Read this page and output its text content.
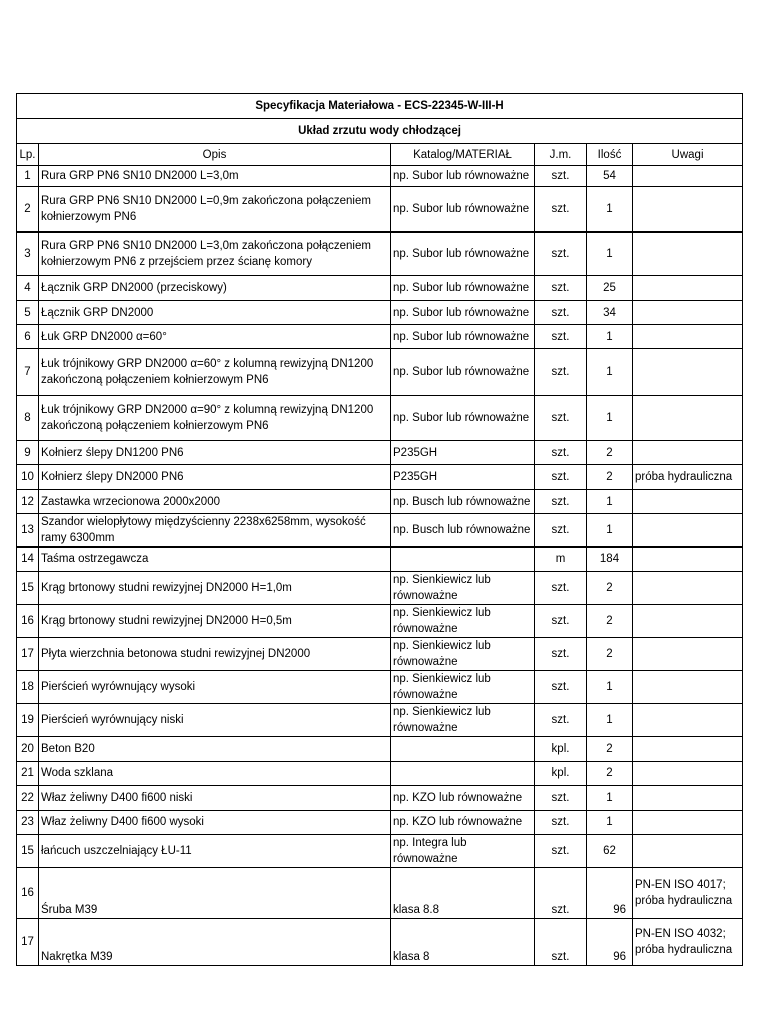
Specyfikacja Materiałowa - ECS-22345-W-III-H					
Układ zrzutu wody chłodzącej					
Lp.	Opis	Katalog/MATERIAŁ	J.m.	Ilość	Uwagi
1	Rura GRP PN6 SN10 DN2000 L=3,0m	np. Subor lub równoważne	szt.	54	
2	Rura GRP PN6 SN10 DN2000 L=0,9m zakończona połączeniem kołnierzowym PN6	np. Subor lub równoważne	szt.	1	
3	Rura GRP PN6 SN10 DN2000 L=3,0m zakończona połączeniem kołnierzowym PN6 z przejściem przez ścianę komory	np. Subor lub równoważne	szt.	1	
4	Łącznik GRP DN2000 (przeciskowy)	np. Subor lub równoważne	szt.	25	
5	Łącznik GRP DN2000	np. Subor lub równoważne	szt.	34	
6	Łuk GRP DN2000 α=60°	np. Subor lub równoważne	szt.	1	
7	Łuk trójnikowy GRP DN2000 α=60° z kolumną rewizyjną DN1200 zakończoną połączeniem kołnierzowym PN6	np. Subor lub równoważne	szt.	1	
8	Łuk trójnikowy GRP DN2000 α=90° z kolumną rewizyjną DN1200 zakończoną połączeniem kołnierzowym PN6	np. Subor lub równoważne	szt.	1	
9	Kołnierz ślepy DN1200 PN6	P235GH	szt.	2	
10	Kołnierz ślepy DN2000 PN6	P235GH	szt.	2	próba hydrauliczna
12	Zastawka wrzecionowa 2000x2000	np. Busch lub równoważne	szt.	1	
13	Szandor wielopłytowy międzyścienny 2238x6258mm, wysokość ramy 6300mm	np. Busch lub równoważne	szt.	1	
14	Taśma ostrzegawcza		m	184	
15	Krąg brtonowy studni rewizyjnej DN2000 H=1,0m	np. Sienkiewicz lub równoważne	szt.	2	
16	Krąg brtonowy studni rewizyjnej DN2000 H=0,5m	np. Sienkiewicz lub równoważne	szt.	2	
17	Płyta wierzchnia betonowa studni rewizyjnej DN2000	np. Sienkiewicz lub równoważne	szt.	2	
18	Pierścień wyrównujący wysoki	np. Sienkiewicz lub równoważne	szt.	1	
19	Pierścień wyrównujący niski	np. Sienkiewicz lub równoważne	szt.	1	
20	Beton B20		kpl.	2	
21	Woda szklana		kpl.	2	
22	Właz żeliwny D400 fi600 niski	np. KZO lub równoważne	szt.	1	
23	Właz żeliwny D400 fi600 wysoki	np. KZO lub równoważne	szt.	1	
15	łańcuch uszczelniający ŁU-11	np. Integra lub równoważne	szt.	62	
16	Śruba M39	klasa 8.8	szt.	96	PN-EN ISO 4017; próba hydrauliczna
17	Nakrętka M39	klasa 8	szt.	96	PN-EN ISO 4032; próba hydrauliczna
